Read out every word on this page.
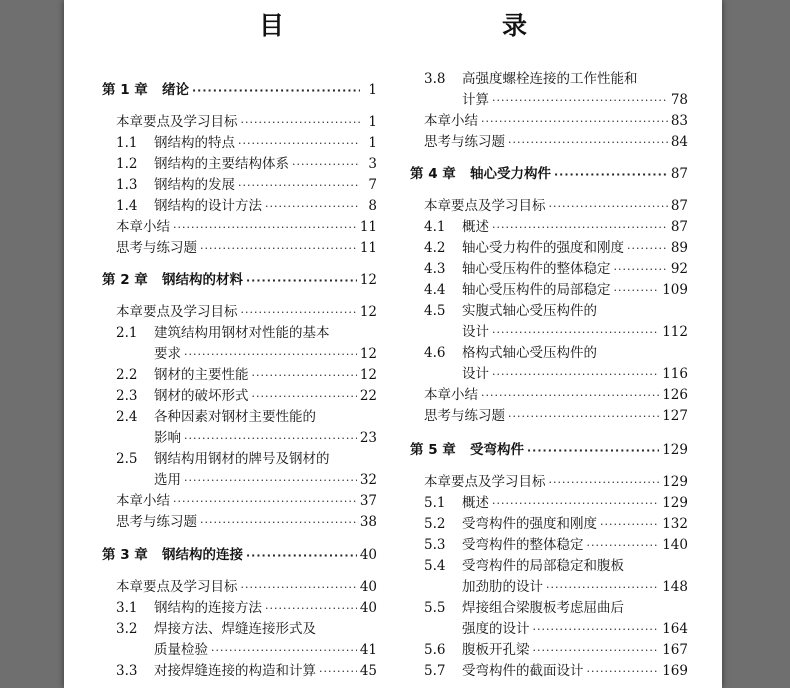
目　　录
第 1 章	绪论 ·····	1
本章要点及学习目标 ·····	1
1.1	钢结构的特点 ·····	1
1.2	钢结构的主要结构体系 ·····	3
1.3	钢结构的发展 ·····	7
1.4	钢结构的设计方法 ·····	8
本章小结 ·····	11
思考与练习题 ·····	11
第 2 章	钢结构的材料 ·····	12
本章要点及学习目标 ·····	12
2.1	建筑结构用钢材对性能的基本
要求 ·····	12
2.2	钢材的主要性能 ·····	12
2.3	钢材的破坏形式 ·····	22
2.4	各种因素对钢材主要性能的
影响 ·····	23
2.5	钢结构用钢材的牌号及钢材的
选用 ·····	32
本章小结 ·····	37
思考与练习题 ·····	38
第 3 章	钢结构的连接 ·····	40
本章要点及学习目标 ·····	40
3.1	钢结构的连接方法 ·····	40
3.2	焊接方法、焊缝连接形式及
质量检验 ·····	41
3.3	对接焊缝连接的构造和计算 ·····	45
3.8	高强度螺栓连接的工作性能和
计算 ·····	78
本章小结 ·····	83
思考与练习题 ·····	84
第 4 章	轴心受力构件 ·····	87
本章要点及学习目标 ·····	87
4.1	概述 ·····	87
4.2	轴心受力构件的强度和刚度 ·····	89
4.3	轴心受压构件的整体稳定 ·····	92
4.4	轴心受压构件的局部稳定 ·····	109
4.5	实腹式轴心受压构件的
设计 ·····	112
4.6	格构式轴心受压构件的
设计 ·····	116
本章小结 ·····	126
思考与练习题 ·····	127
第 5 章	受弯构件 ·····	129
本章要点及学习目标 ·····	129
5.1	概述 ·····	129
5.2	受弯构件的强度和刚度 ·····	132
5.3	受弯构件的整体稳定 ·····	140
5.4	受弯构件的局部稳定和腹板
加劲肋的设计 ·····	148
5.5	焊接组合梁腹板考虑屈曲后
强度的设计 ·····	164
5.6	腹板开孔梁 ·····	167
5.7	受弯构件的截面设计 ·····	169
